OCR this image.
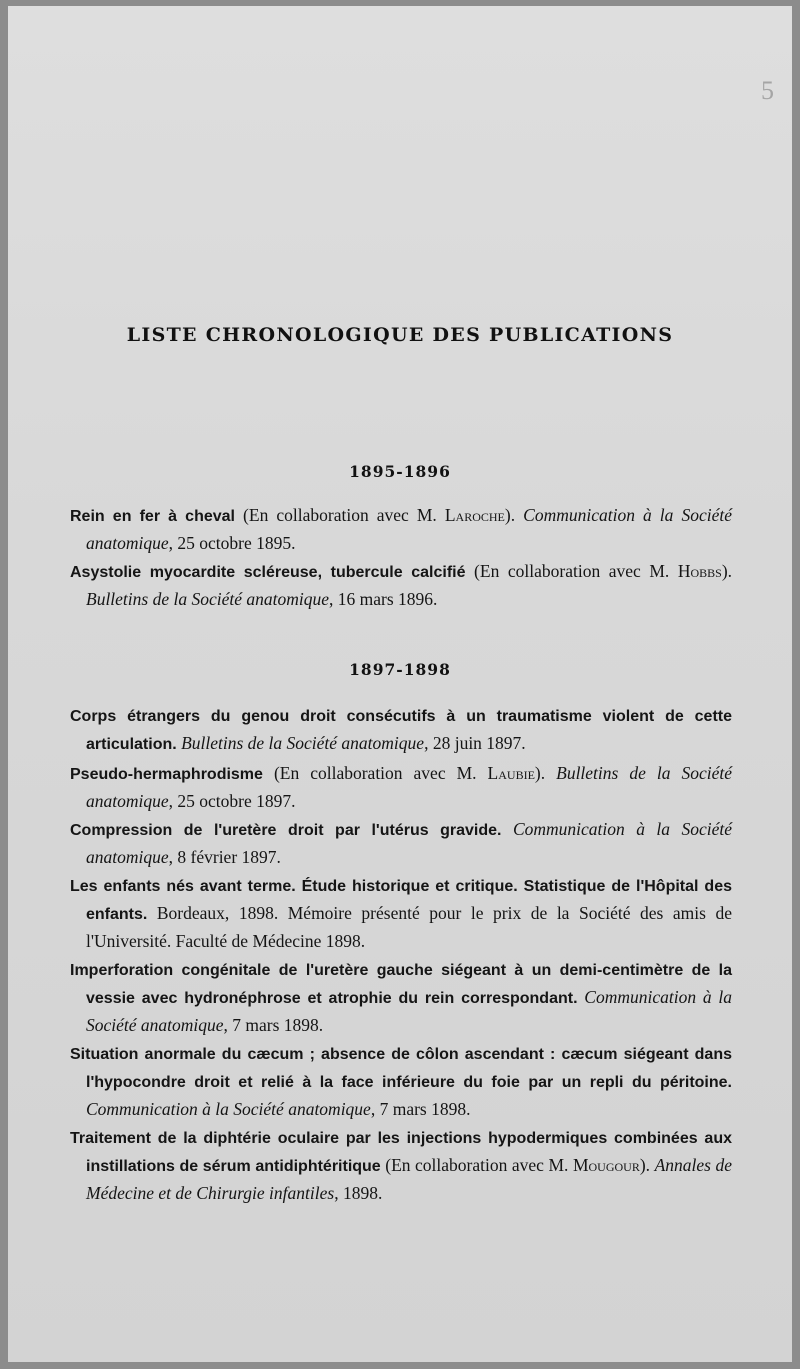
5
LISTE CHRONOLOGIQUE DES PUBLICATIONS
1895-1896

Rein en fer à cheval (En collaboration avec M. Laroche). Communication à la Société anatomique, 25 octobre 1895.

Asystolie myocardite scléreuse, tubercule calcifié (En collaboration avec M. Hobbs). Bulletins de la Société anatomique, 16 mars 1896.

1897-1898

Corps étrangers du genou droit consécutifs à un traumatisme violent de cette articulation. Bulletins de la Société anatomique, 28 juin 1897.

Pseudo-hermaphrodisme (En collaboration avec M. Laubie). Bulletins de la Société anatomique, 25 octobre 1897.

Compression de l'uretère droit par l'utérus gravide. Communication à la Société anatomique, 8 février 1897.

Les enfants nés avant terme. Étude historique et critique. Statistique de l'Hôpital des enfants. Bordeaux, 1898. Mémoire présenté pour le prix de la Société des amis de l'Université. Faculté de Médecine 1898.

Imperforation congénitale de l'uretère gauche siégeant à un demi-centimètre de la vessie avec hydronéphrose et atrophie du rein correspondant. Communication à la Société anatomique, 7 mars 1898.

Situation anormale du cæcum ; absence de côlon ascendant : cæcum siégeant dans l'hypocondre droit et relié à la face inférieure du foie par un repli du péritoine. Communication à la Société anatomique, 7 mars 1898.

Traitement de la diphtérie oculaire par les injections hypodermiques combinées aux instillations de sérum antidiphtéritique (En collaboration avec M. Mougour). Annales de Médecine et de Chirurgie infantiles, 1898.
